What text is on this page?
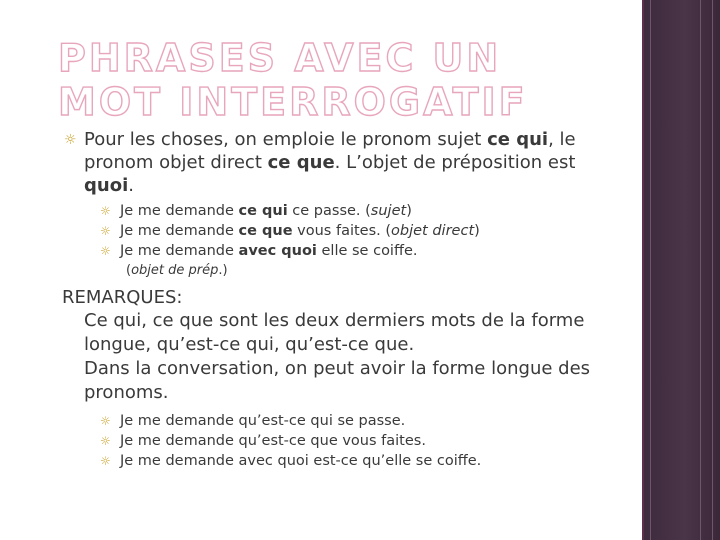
PHRASES AVEC UN MOT INTERROGATIF

☼ Pour les choses, on emploie le pronom sujet ce qui, le pronom objet direct ce que. L’objet de préposition est quoi.

☼ Je me demande ce qui ce passe. (sujet)
☼ Je me demande ce que vous faites. (objet direct)
☼ Je me demande avec quoi elle se coiffe.
(objet de prép.)
REMARQUES:

Ce qui, ce que sont les deux dermiers mots de la forme longue, qu’est-ce qui, qu’est-ce que.

Dans la conversation, on peut avoir la forme longue des pronoms.

☼ Je me demande qu’est-ce qui se passe.
☼ Je me demande qu’est-ce que vous faites.
☼ Je me demande avec quoi est-ce qu’elle se coiffe.
